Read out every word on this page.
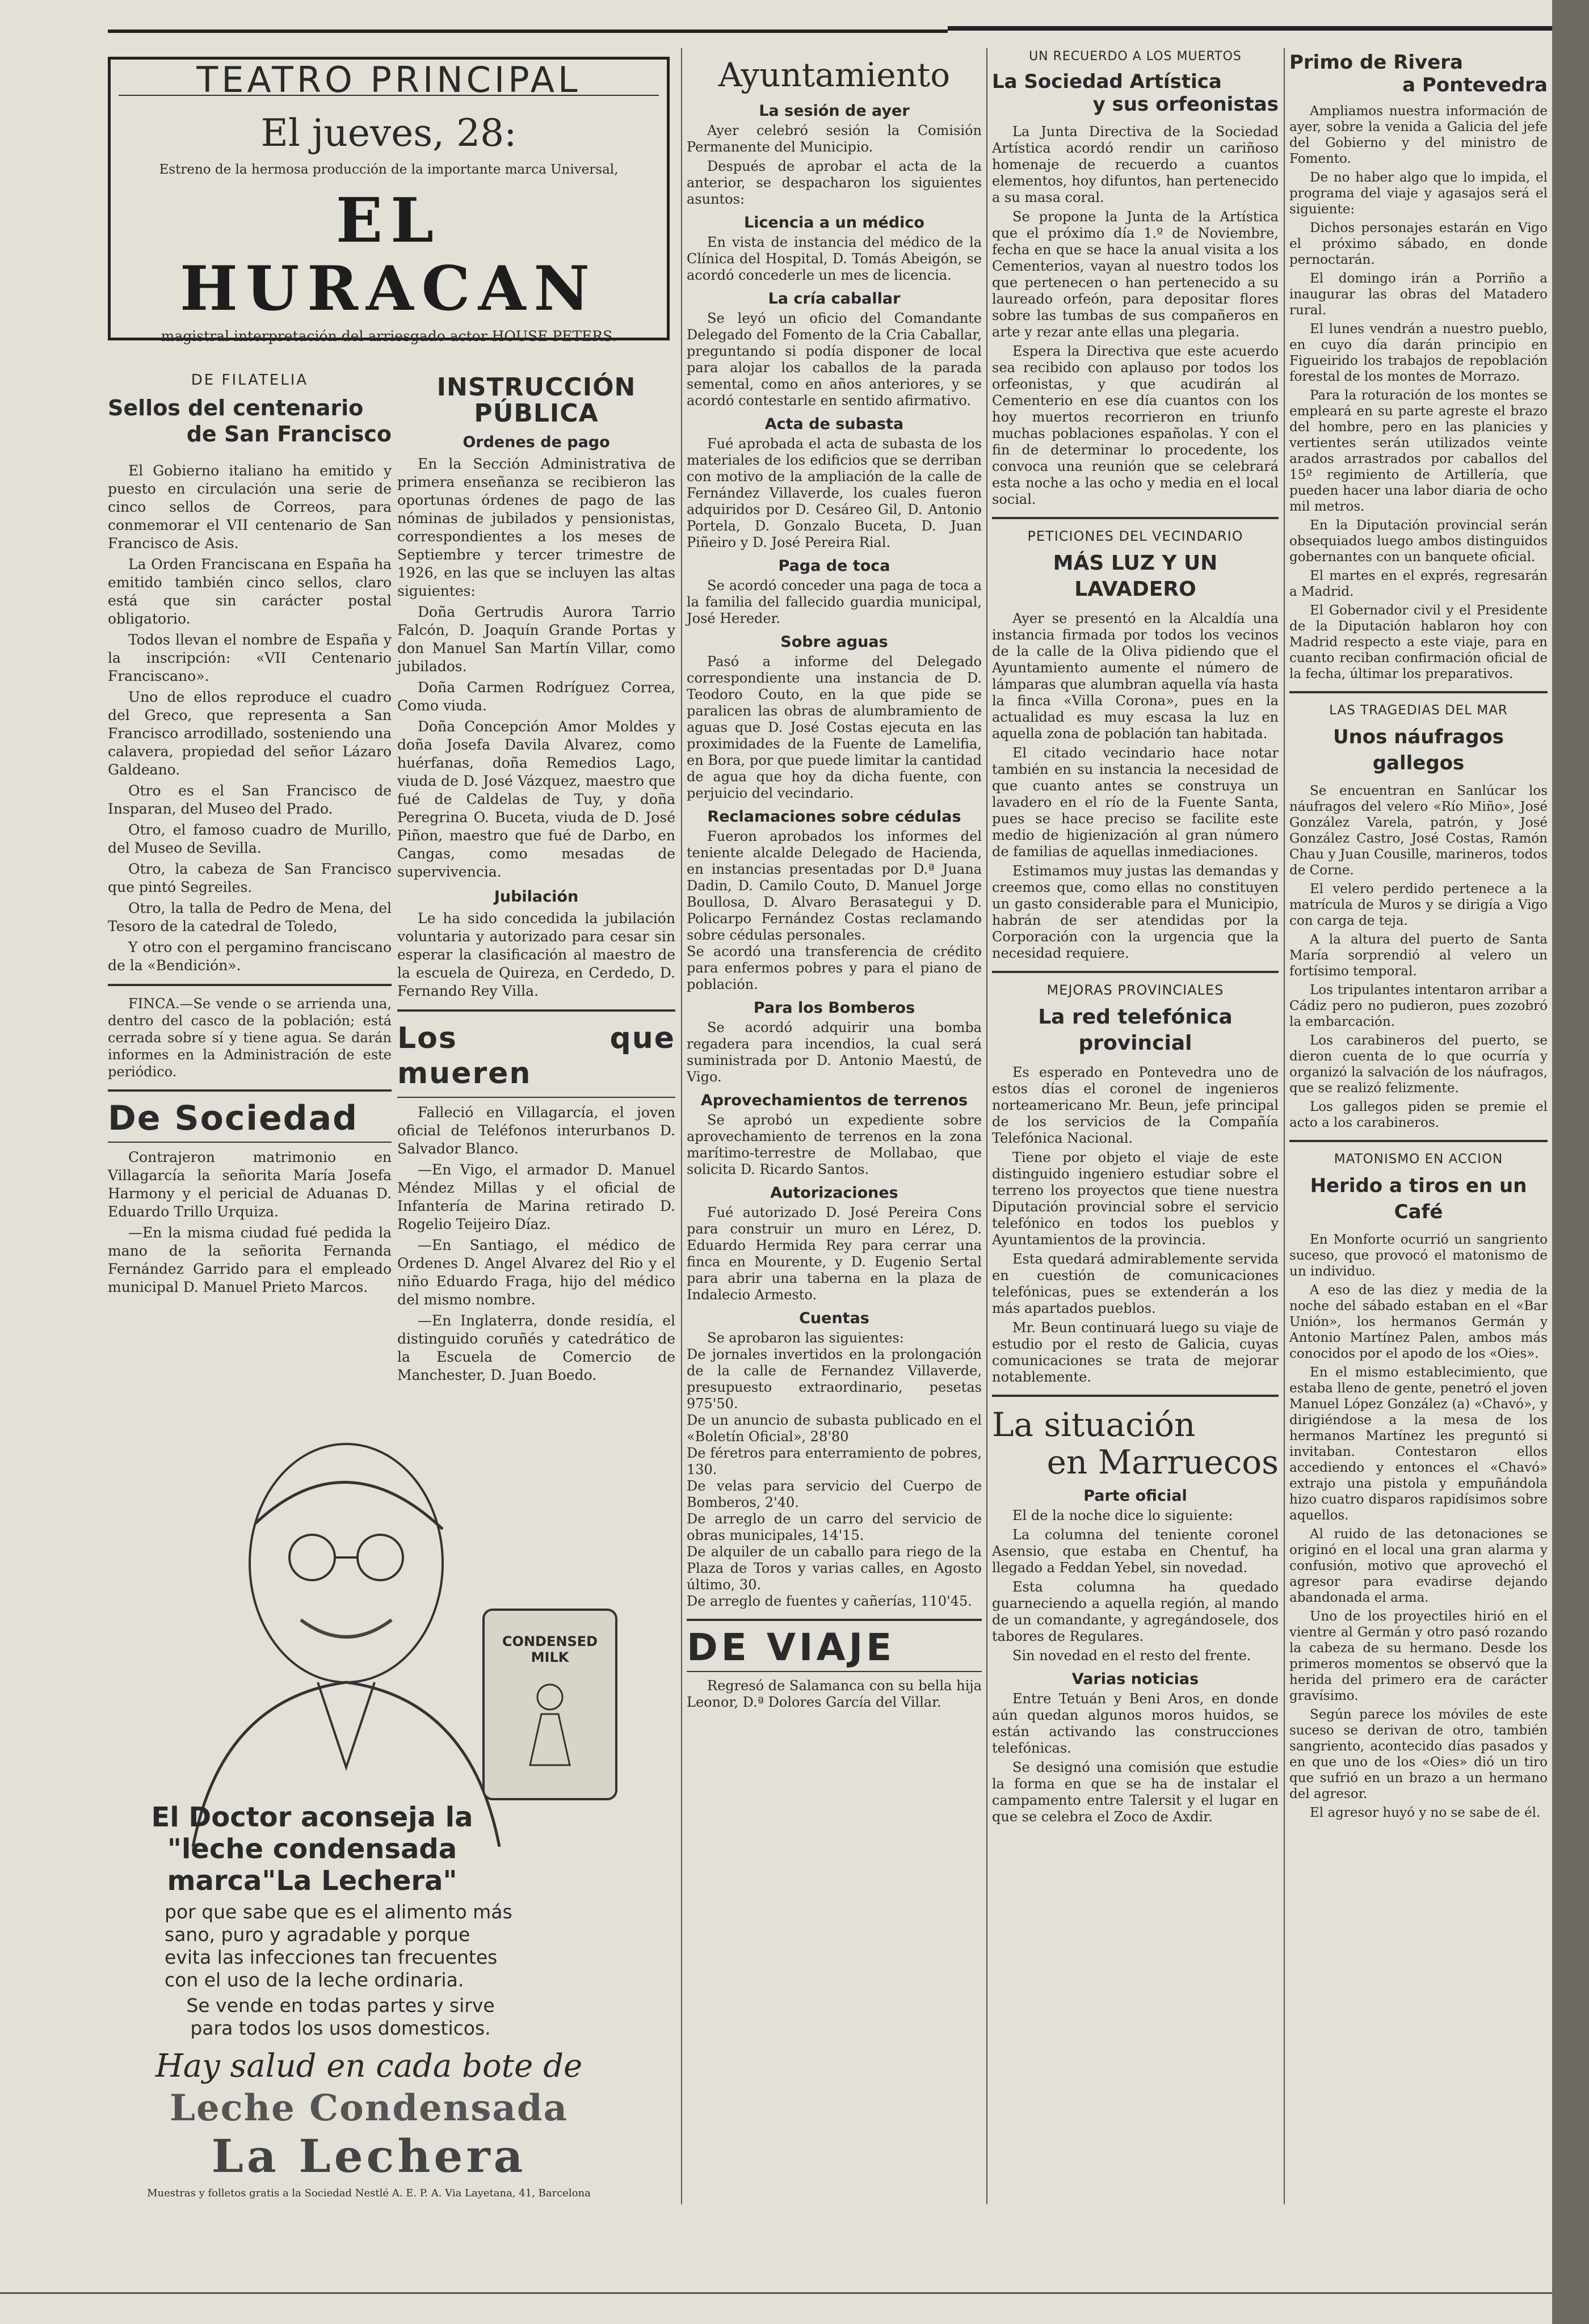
TEATRO PRINCIPAL
El jueves, 28:
Estreno de la hermosa producción de la importante marca Universal,
EL HURACAN
magistral interpretación del arriesgado actor HOUSE PETERS.
DE FILATELIA
Sellos del centenario
de San Francisco

El Gobierno italiano ha emitido y puesto en circulación una serie de cinco sellos de Correos, para conmemorar el VII centenario de San Francisco de Asis.

La Orden Franciscana en España ha emitido también cinco sellos, claro está que sin carácter postal obligatorio.

Todos llevan el nombre de España y la inscripción: «VII Centenario Franciscano».

Uno de ellos reproduce el cuadro del Greco, que representa a San Francisco arrodillado, sosteniendo una calavera, propiedad del señor Lázaro Galdeano.

Otro es el San Francisco de Insparan, del Museo del Prado.

Otro, el famoso cuadro de Murillo, del Museo de Sevilla.

Otro, la cabeza de San Francisco que pintó Segreiles.

Otro, la talla de Pedro de Mena, del Tesoro de la catedral de Toledo,

Y otro con el pergamino franciscano de la «Bendición».

FINCA.—Se vende o se arrienda una, dentro del casco de la población; está cerrada sobre sí y tiene agua. Se darán informes en la Administración de este periódico.

De Sociedad

Contrajeron matrimonio en Villagarcía la señorita María Josefa Harmony y el pericial de Aduanas D. Eduardo Trillo Urquiza.

—En la misma ciudad fué pedida la mano de la señorita Fernanda Fernández Garrido para el empleado municipal D. Manuel Prieto Marcos.

INSTRUCCIÓN PÚBLICA
Ordenes de pago

En la Sección Administrativa de primera enseñanza se recibieron las oportunas órdenes de pago de las nóminas de jubilados y pensionistas, correspondientes a los meses de Septiembre y tercer trimestre de 1926, en las que se incluyen las altas siguientes:

Doña Gertrudis Aurora Tarrio Falcón, D. Joaquín Grande Portas y don Manuel San Martín Villar, como jubilados.

Doña Carmen Rodríguez Correa, Como viuda.

Doña Concepción Amor Moldes y doña Josefa Davila Alvarez, como huérfanas, doña Remedios Lago, viuda de D. José Vázquez, maestro que fué de Caldelas de Tuy, y doña Peregrina O. Buceta, viuda de D. José Piñon, maestro que fué de Darbo, en Cangas, como mesadas de supervivencia.

Jubilación

Le ha sido concedida la jubilación voluntaria y autorizado para cesar sin esperar la clasificación al maestro de la escuela de Quireza, en Cerdedo, D. Fernando Rey Villa.

Los que mueren

Falleció en Villagarcía, el joven oficial de Teléfonos interurbanos D. Salvador Blanco.

—En Vigo, el armador D. Manuel Méndez Millas y el oficial de Infantería de Marina retirado D. Rogelio Teijeiro Díaz.

—En Santiago, el médico de Ordenes D. Angel Alvarez del Rio y el niño Eduardo Fraga, hijo del médico del mismo nombre.

—En Inglaterra, donde residía, el distinguido coruñés y catedrático de la Escuela de Comercio de Manchester, D. Juan Boedo.

CONDENSED MILK
El Doctor aconseja la "leche condensada marca"La Lechera"
por que sabe que es el alimento más sano, puro y agradable y porque evita las infecciones tan frecuentes con el uso de la leche ordinaria.
Se vende en todas partes y sirve para todos los usos domesticos.
Hay salud en cada bote de
Leche Condensada
La Lechera
Muestras y folletos gratis a la Sociedad Nestlé A. E. P. A. Via Layetana, 41, Barcelona
Ayuntamiento
La sesión de ayer

Ayer celebró sesión la Comisión Permanente del Municipio.

Después de aprobar el acta de la anterior, se despacharon los siguientes asuntos:

Licencia a un médico

En vista de instancia del médico de la Clínica del Hospital, D. Tomás Abeigón, se acordó concederle un mes de licencia.

La cría caballar

Se leyó un oficio del Comandante Delegado del Fomento de la Cria Caballar, preguntando si podía disponer de local para alojar los caballos de la parada semental, como en años anteriores, y se acordó contestarle en sentido afirmativo.

Acta de subasta

Fué aprobada el acta de subasta de los materiales de los edificios que se derriban con motivo de la ampliación de la calle de Fernández Villaverde, los cuales fueron adquiridos por D. Cesáreo Gil, D. Antonio Portela, D. Gonzalo Buceta, D. Juan Piñeiro y D. José Pereira Rial.

Paga de toca

Se acordó conceder una paga de toca a la familia del fallecido guardia municipal, José Hereder.

Sobre aguas

Pasó a informe del Delegado correspondiente una instancia de D. Teodoro Couto, en la que pide se paralicen las obras de alumbramiento de aguas que D. José Costas ejecuta en las proximidades de la Fuente de Lamelifia, en Bora, por que puede limitar la cantidad de agua que hoy da dicha fuente, con perjuicio del vecindario.

Reclamaciones sobre cédulas

Fueron aprobados los informes del teniente alcalde Delegado de Hacienda, en instancias presentadas por D.ª Juana Dadin, D. Camilo Couto, D. Manuel Jorge Boullosa, D. Alvaro Berasategui y D. Policarpo Fernández Costas reclamando sobre cédulas personales.
Se acordó una transferencia de crédito para enfermos pobres y para el piano de población.

Para los Bomberos

Se acordó adquirir una bomba regadera para incendios, la cual será suministrada por D. Antonio Maestú, de Vigo.

Aprovechamientos de terrenos

Se aprobó un expediente sobre aprovechamiento de terrenos en la zona marítimo-terrestre de Mollabao, que solicita D. Ricardo Santos.

Autorizaciones

Fué autorizado D. José Pereira Cons para construir un muro en Lérez, D. Eduardo Hermida Rey para cerrar una finca en Mourente, y D. Eugenio Sertal para abrir una taberna en la plaza de Indalecio Armesto.

Cuentas

Se aprobaron las siguientes:
De jornales invertidos en la prolongación de la calle de Fernandez Villaverde, presupuesto extraordinario, pesetas 975'50.
De un anuncio de subasta publicado en el «Boletín Oficial», 28'80
De féretros para enterramiento de pobres, 130.
De velas para servicio del Cuerpo de Bomberos, 2'40.
De arreglo de un carro del servicio de obras municipales, 14'15.
De alquiler de un caballo para riego de la Plaza de Toros y varias calles, en Agosto último, 30.
De arreglo de fuentes y cañerías, 110'45.

DE VIAJE

Regresó de Salamanca con su bella hija Leonor, D.ª Dolores García del Villar.

UN RECUERDO A LOS MUERTOS
La Sociedad Artística
y sus orfeonistas

La Junta Directiva de la Sociedad Artística acordó rendir un cariñoso homenaje de recuerdo a cuantos elementos, hoy difuntos, han pertenecido a su masa coral.

Se propone la Junta de la Artística que el próximo día 1.º de Noviembre, fecha en que se hace la anual visita a los Cementerios, vayan al nuestro todos los que pertenecen o han pertenecido a su laureado orfeón, para depositar flores sobre las tumbas de sus compañeros en arte y rezar ante ellas una plegaria.

Espera la Directiva que este acuerdo sea recibido con aplauso por todos los orfeonistas, y que acudirán al Cementerio en ese día cuantos con los hoy muertos recorrieron en triunfo muchas poblaciones españolas. Y con el fin de determinar lo procedente, los convoca una reunión que se celebrará esta noche a las ocho y media en el local social.

PETICIONES DEL VECINDARIO
MÁS LUZ Y UN LAVADERO

Ayer se presentó en la Alcaldía una instancia firmada por todos los vecinos de la calle de la Oliva pidiendo que el Ayuntamiento aumente el número de lámparas que alumbran aquella vía hasta la finca «Villa Corona», pues en la actualidad es muy escasa la luz en aquella zona de población tan habitada.

El citado vecindario hace notar también en su instancia la necesidad de que cuanto antes se construya un lavadero en el río de la Fuente Santa, pues se hace preciso se facilite este medio de higienización al gran número de familias de aquellas inmediaciones.

Estimamos muy justas las demandas y creemos que, como ellas no constituyen un gasto considerable para el Municipio, habrán de ser atendidas por la Corporación con la urgencia que la necesidad requiere.

MEJORAS PROVINCIALES
La red telefónica provincial

Es esperado en Pontevedra uno de estos días el coronel de ingenieros norteamericano Mr. Beun, jefe principal de los servicios de la Compañía Telefónica Nacional.

Tiene por objeto el viaje de este distinguido ingeniero estudiar sobre el terreno los proyectos que tiene nuestra Diputación provincial sobre el servicio telefónico en todos los pueblos y Ayuntamientos de la provincia.

Esta quedará admirablemente servida en cuestión de comunicaciones telefónicas, pues se extenderán a los más apartados pueblos.

Mr. Beun continuará luego su viaje de estudio por el resto de Galicia, cuyas comunicaciones se trata de mejorar notablemente.

La situación
en Marruecos
Parte oficial

El de la noche dice lo siguiente:

La columna del teniente coronel Asensio, que estaba en Chentuf, ha llegado a Feddan Yebel, sin novedad.

Esta columna ha quedado guarneciendo a aquella región, al mando de un comandante, y agregándosele, dos tabores de Regulares.

Sin novedad en el resto del frente.

Varias noticias

Entre Tetuán y Beni Aros, en donde aún quedan algunos moros huidos, se están activando las construcciones telefónicas.

Se designó una comisión que estudie la forma en que se ha de instalar el campamento entre Talersit y el lugar en que se celebra el Zoco de Axdir.

Primo de Rivera
a Pontevedra

Ampliamos nuestra información de ayer, sobre la venida a Galicia del jefe del Gobierno y del ministro de Fomento.

De no haber algo que lo impida, el programa del viaje y agasajos será el siguiente:

Dichos personajes estarán en Vigo el próximo sábado, en donde pernoctarán.

El domingo irán a Porriño a inaugurar las obras del Matadero rural.

El lunes vendrán a nuestro pueblo, en cuyo día darán principio en Figueirido los trabajos de repoblación forestal de los montes de Morrazo.

Para la roturación de los montes se empleará en su parte agreste el brazo del hombre, pero en las planicies y vertientes serán utilizados veinte arados arrastrados por caballos del 15º regimiento de Artillería, que pueden hacer una labor diaria de ocho mil metros.

En la Diputación provincial serán obsequiados luego ambos distinguidos gobernantes con un banquete oficial.

El martes en el exprés, regresarán a Madrid.

El Gobernador civil y el Presidente de la Diputación hablaron hoy con Madrid respecto a este viaje, para en cuanto reciban confirmación oficial de la fecha, últimar los preparativos.

LAS TRAGEDIAS DEL MAR
Unos náufragos gallegos

Se encuentran en Sanlúcar los náufragos del velero «Río Miño», José González Varela, patrón, y José González Castro, José Costas, Ramón Chau y Juan Cousille, marineros, todos de Corne.

El velero perdido pertenece a la matrícula de Muros y se dirigía a Vigo con carga de teja.

A la altura del puerto de Santa María sorprendió al velero un fortísimo temporal.

Los tripulantes intentaron arribar a Cádiz pero no pudieron, pues zozobró la embarcación.

Los carabineros del puerto, se dieron cuenta de lo que ocurría y organizó la salvación de los náufragos, que se realizó felizmente.

Los gallegos piden se premie el acto a los carabineros.

MATONISMO EN ACCION
Herido a tiros en un Café

En Monforte ocurrió un sangriento suceso, que provocó el matonismo de un individuo.

A eso de las diez y media de la noche del sábado estaban en el «Bar Unión», los hermanos Germán y Antonio Martínez Palen, ambos más conocidos por el apodo de los «Oies».

En el mismo establecimiento, que estaba lleno de gente, penetró el joven Manuel López González (a) «Chavó», y dirigiéndose a la mesa de los hermanos Martínez les preguntó si invitaban. Contestaron ellos accediendo y entonces el «Chavó» extrajo una pistola y empuñándola hizo cuatro disparos rapidísimos sobre aquellos.

Al ruido de las detonaciones se originó en el local una gran alarma y confusión, motivo que aprovechó el agresor para evadirse dejando abandonada el arma.

Uno de los proyectiles hirió en el vientre al Germán y otro pasó rozando la cabeza de su hermano. Desde los primeros momentos se observó que la herida del primero era de carácter gravísimo.

Según parece los móviles de este suceso se derivan de otro, también sangriento, acontecido días pasados y en que uno de los «Oies» dió un tiro que sufrió en un brazo a un hermano del agresor.

El agresor huyó y no se sabe de él.
